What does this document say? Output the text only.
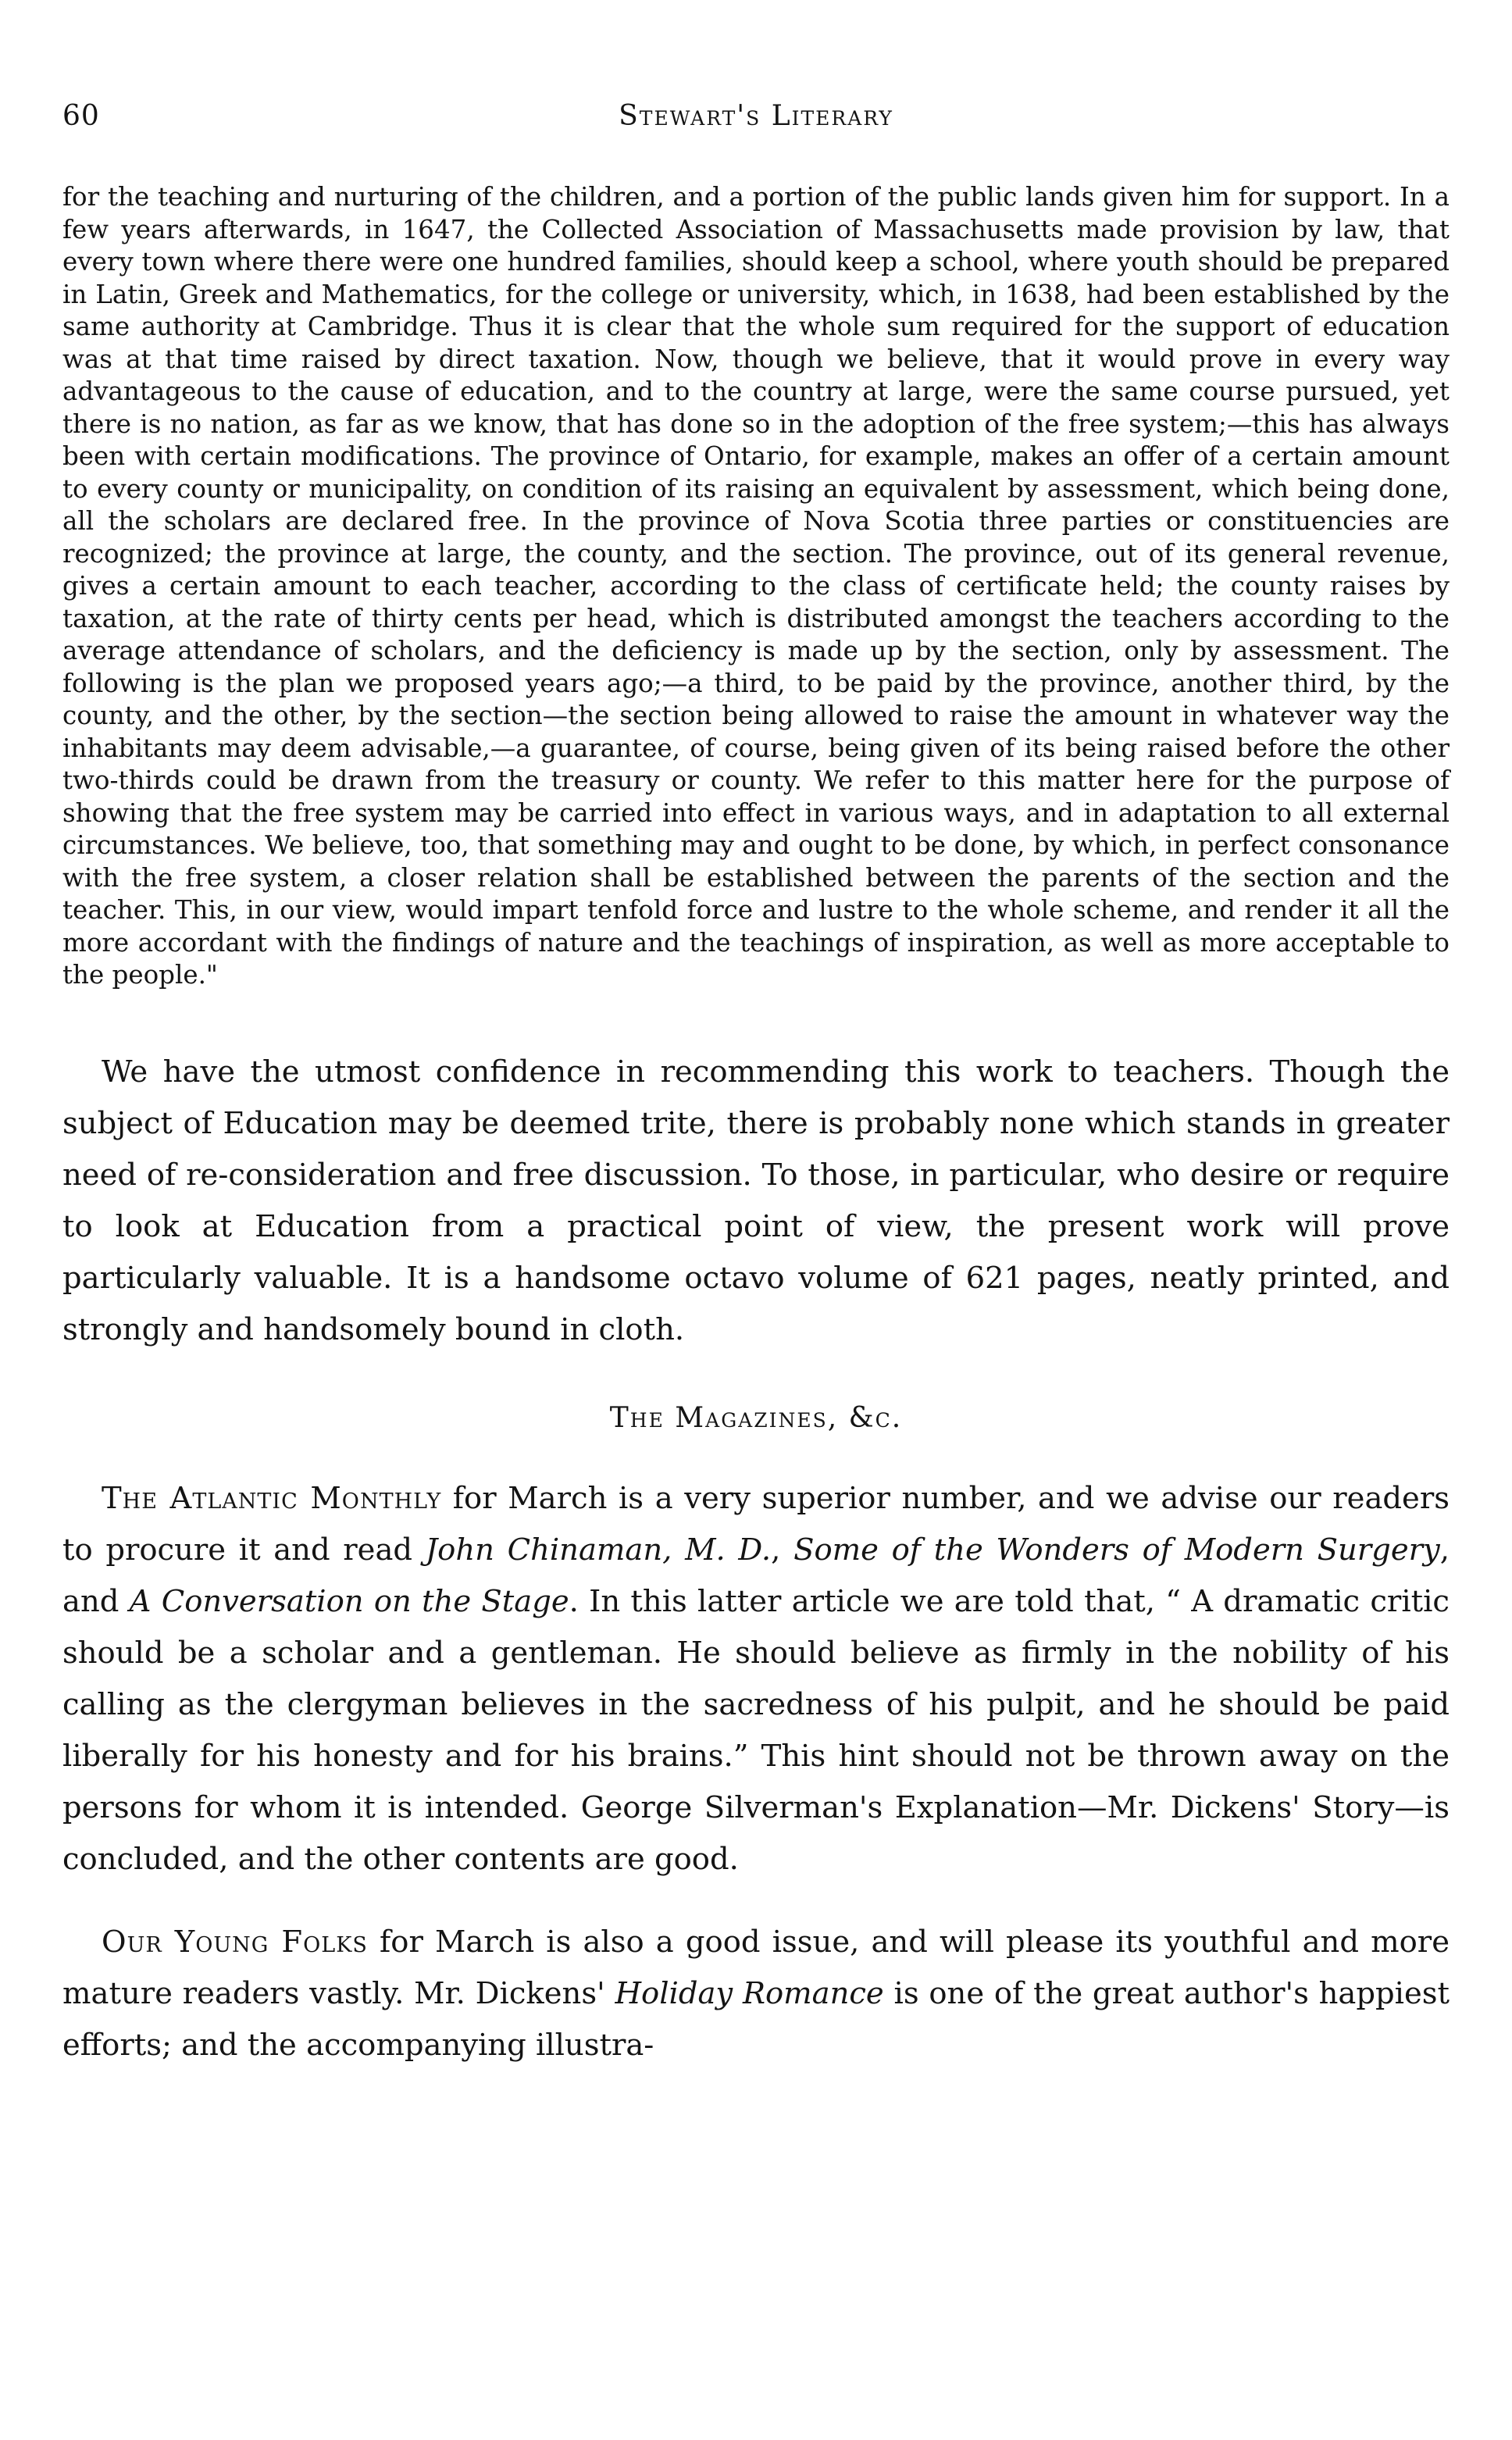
60	Stewart's Literary

for the teaching and nurturing of the children, and a portion of the public lands given him for support. In a few years afterwards, in 1647, the Collected Association of Massachusetts made provision by law, that every town where there were one hundred families, should keep a school, where youth should be prepared in Latin, Greek and Mathematics, for the college or university, which, in 1638, had been established by the same authority at Cambridge. Thus it is clear that the whole sum required for the support of education was at that time raised by direct taxation. Now, though we believe, that it would prove in every way advantageous to the cause of education, and to the country at large, were the same course pursued, yet there is no nation, as far as we know, that has done so in the adoption of the free system;—this has always been with certain modifications. The province of Ontario, for example, makes an offer of a certain amount to every county or municipality, on condition of its raising an equivalent by assessment, which being done, all the scholars are declared free. In the province of Nova Scotia three parties or constituencies are recognized; the province at large, the county, and the section. The province, out of its general revenue, gives a certain amount to each teacher, according to the class of certificate held; the county raises by taxation, at the rate of thirty cents per head, which is distributed amongst the teachers according to the average attendance of scholars, and the deficiency is made up by the section, only by assessment. The following is the plan we proposed years ago;—a third, to be paid by the province, another third, by the county, and the other, by the section—the section being allowed to raise the amount in whatever way the inhabitants may deem advisable,—a guarantee, of course, being given of its being raised before the other two-thirds could be drawn from the treasury or county. We refer to this matter here for the purpose of showing that the free system may be carried into effect in various ways, and in adaptation to all external circumstances. We believe, too, that something may and ought to be done, by which, in perfect consonance with the free system, a closer relation shall be established between the parents of the section and the teacher. This, in our view, would impart tenfold force and lustre to the whole scheme, and render it all the more accordant with the findings of nature and the teachings of inspiration, as well as more acceptable to the people."

We have the utmost confidence in recommending this work to teachers. Though the subject of Education may be deemed trite, there is probably none which stands in greater need of re-consideration and free discussion. To those, in particular, who desire or require to look at Education from a practical point of view, the present work will prove particularly valuable. It is a handsome octavo volume of 621 pages, neatly printed, and strongly and handsomely bound in cloth.

The Magazines, &c.

The Atlantic Monthly for March is a very superior number, and we advise our readers to procure it and read John Chinaman, M. D., Some of the Wonders of Modern Surgery, and A Conversation on the Stage. In this latter article we are told that, “ A dramatic critic should be a scholar and a gentleman. He should believe as firmly in the nobility of his calling as the clergyman believes in the sacredness of his pulpit, and he should be paid liberally for his honesty and for his brains.” This hint should not be thrown away on the persons for whom it is intended. George Silverman's Explanation—Mr. Dickens' Story—is concluded, and the other contents are good.

Our Young Folks for March is also a good issue, and will please its youthful and more mature readers vastly. Mr. Dickens' Holiday Romance is one of the great author's happiest efforts; and the accompanying illustra-
